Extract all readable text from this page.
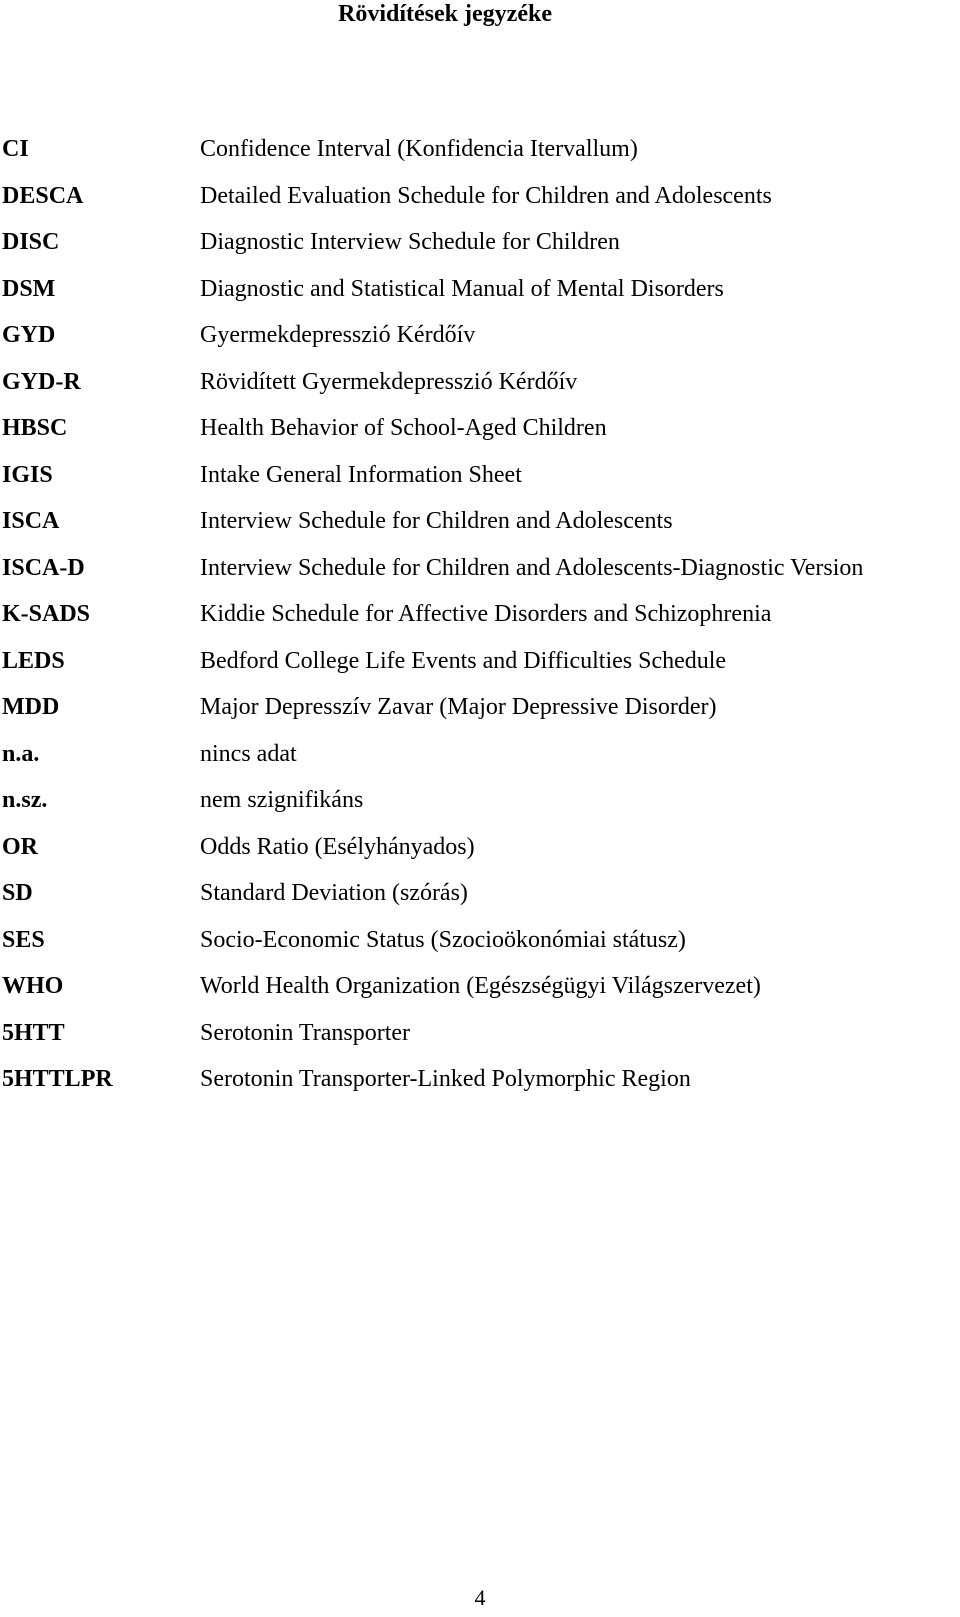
Rövidítések jegyzéke
CI	Confidence Interval (Konfidencia Itervallum)
DESCA	Detailed Evaluation Schedule for Children and Adolescents
DISC	Diagnostic Interview Schedule for Children
DSM	Diagnostic and Statistical Manual of Mental Disorders
GYD	Gyermekdepresszió Kérdőív
GYD-R	Rövidített Gyermekdepresszió Kérdőív
HBSC	Health Behavior of School-Aged Children
IGIS	Intake General Information Sheet
ISCA	Interview Schedule for Children and Adolescents
ISCA-D	Interview Schedule for Children and Adolescents-Diagnostic Version
K-SADS	Kiddie Schedule for Affective Disorders and Schizophrenia
LEDS	Bedford College Life Events and Difficulties Schedule
MDD	Major Depresszív Zavar (Major Depressive Disorder)
n.a.	nincs adat
n.sz.	nem szignifikáns
OR	Odds Ratio (Esélyhányados)
SD	Standard Deviation (szórás)
SES	Socio-Economic Status (Szocioökonómiai státusz)
WHO	World Health Organization (Egészségügyi Világszervezet)
5HTT	Serotonin Transporter
5HTTLPR	Serotonin Transporter-Linked Polymorphic Region
4
